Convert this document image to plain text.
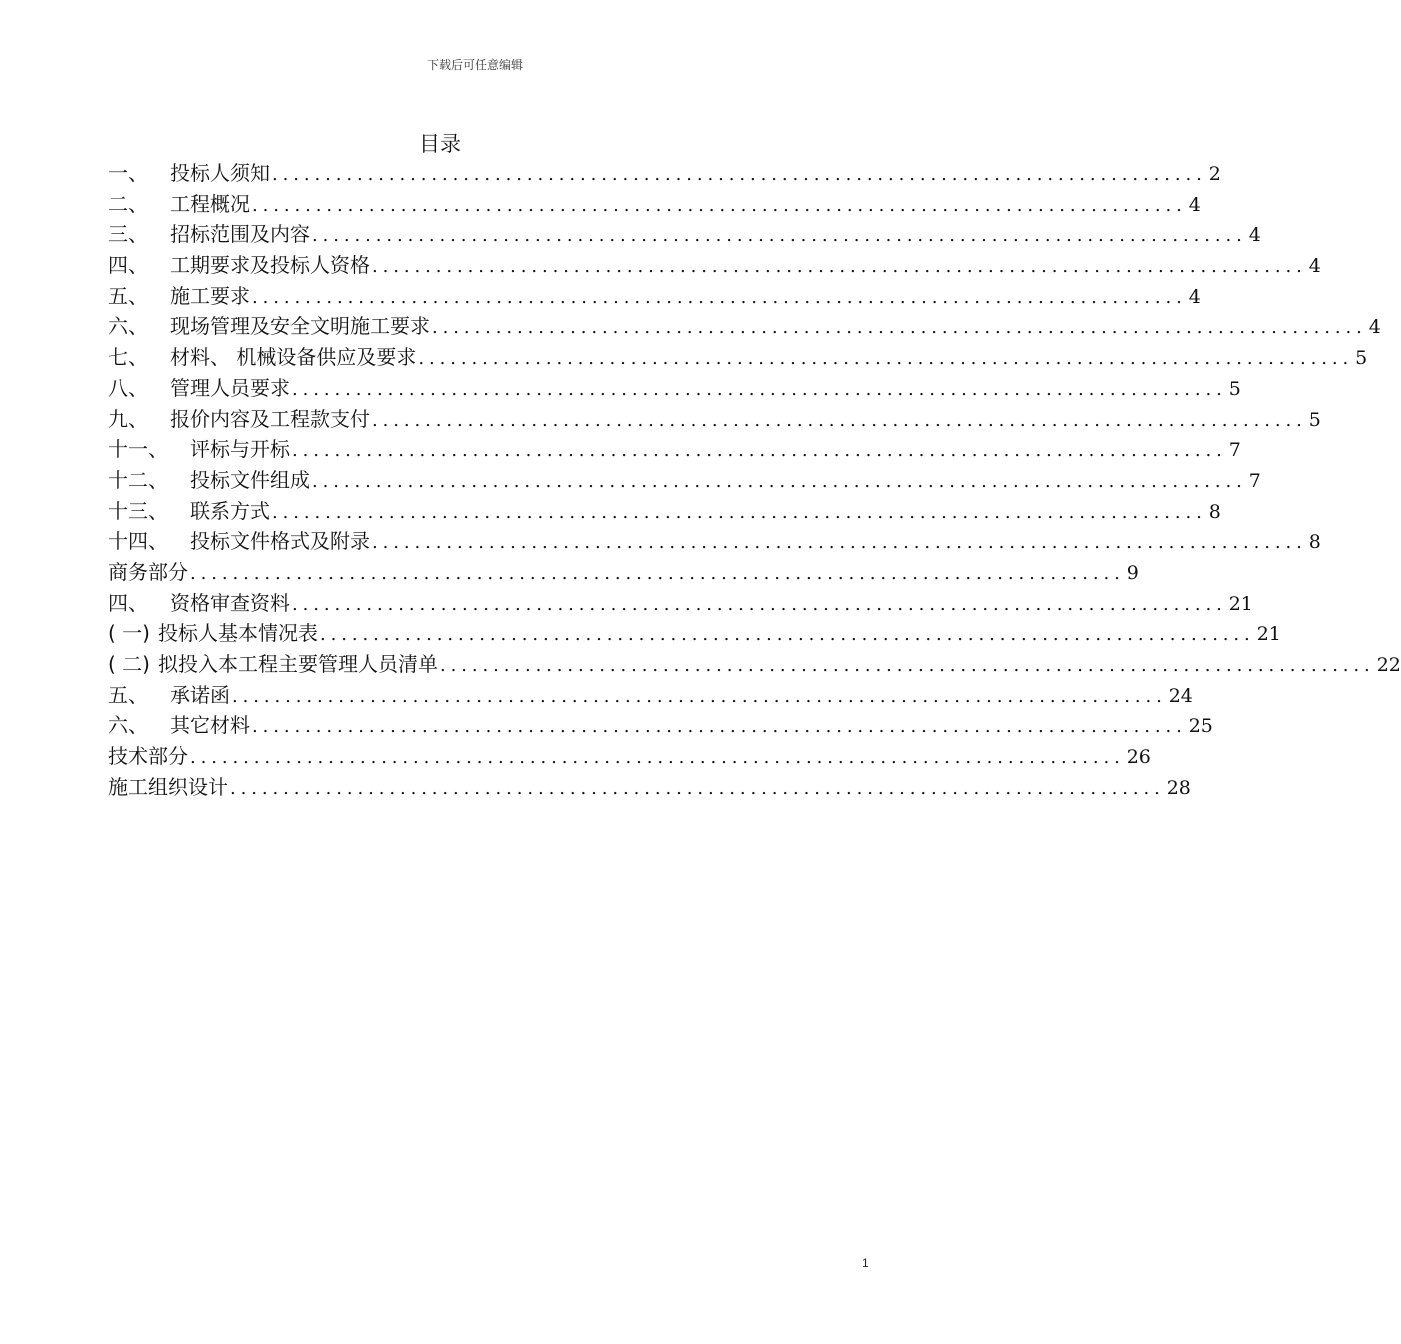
下载后可任意编辑
目录
一、 投标人须知 ........................................................................................ 2
二、 工程概况 ........................................................................................ 4
三、 招标范围及内容 ........................................................................................ 4
四、 工期要求及投标人资格 ........................................................................................ 4
五、 施工要求 ........................................................................................ 4
六、 现场管理及安全文明施工要求 ........................................................................................ 4
七、 材料、 机械设备供应及要求 ........................................................................................ 5
八、 管理人员要求 ........................................................................................ 5
九、 报价内容及工程款支付 ........................................................................................ 5
十一、 评标与开标 ........................................................................................ 7
十二、 投标文件组成 ........................................................................................ 7
十三、 联系方式 ........................................................................................ 8
十四、 投标文件格式及附录 ........................................................................................ 8
商务部分 ........................................................................................ 9
四、 资格审查资料 ........................................................................................ 21
( 一) 投标人基本情况表 ........................................................................................ 21
( 二) 拟投入本工程主要管理人员清单 ........................................................................................ 22
五、 承诺函 ........................................................................................ 24
六、 其它材料 ........................................................................................ 25
技术部分 ........................................................................................ 26
施工组织设计 ........................................................................................ 28
1
